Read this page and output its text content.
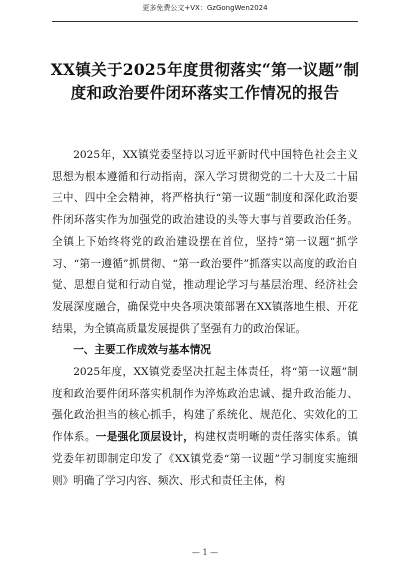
更多免费公文+VX：GzGongWen2024
XX镇关于2025年度贯彻落实“第一议题”制度和政治要件闭环落实工作情况的报告

2025年，XX镇党委坚持以习近平新时代中国特色社会主义思想为根本遵循和行动指南，深入学习贯彻党的二十大及二十届三中、四中全会精神，将严格执行“第一议题”制度和深化政治要件闭环落实作为加强党的政治建设的头等大事与首要政治任务。全镇上下始终将党的政治建设摆在首位，坚持“第一议题”抓学习、“第一遵循”抓贯彻、“第一政治要件”抓落实以高度的政治自觉、思想自觉和行动自觉，推动理论学习与基层治理、经济社会发展深度融合，确保党中央各项决策部署在XX镇落地生根、开花结果，为全镇高质量发展提供了坚强有力的政治保证。

一、主要工作成效与基本情况

2025年度，XX镇党委坚决扛起主体责任，将“第一议题”制度和政治要件闭环落实机制作为淬炼政治忠诚、提升政治能力、强化政治担当的核心抓手，构建了系统化、规范化、实效化的工作体系。一是强化顶层设计，构建权责明晰的责任落实体系。镇党委年初即制定印发了《XX镇党委“第一议题”学习制度实施细则》明确了学习内容、频次、形式和责任主体，构

— 1 —
